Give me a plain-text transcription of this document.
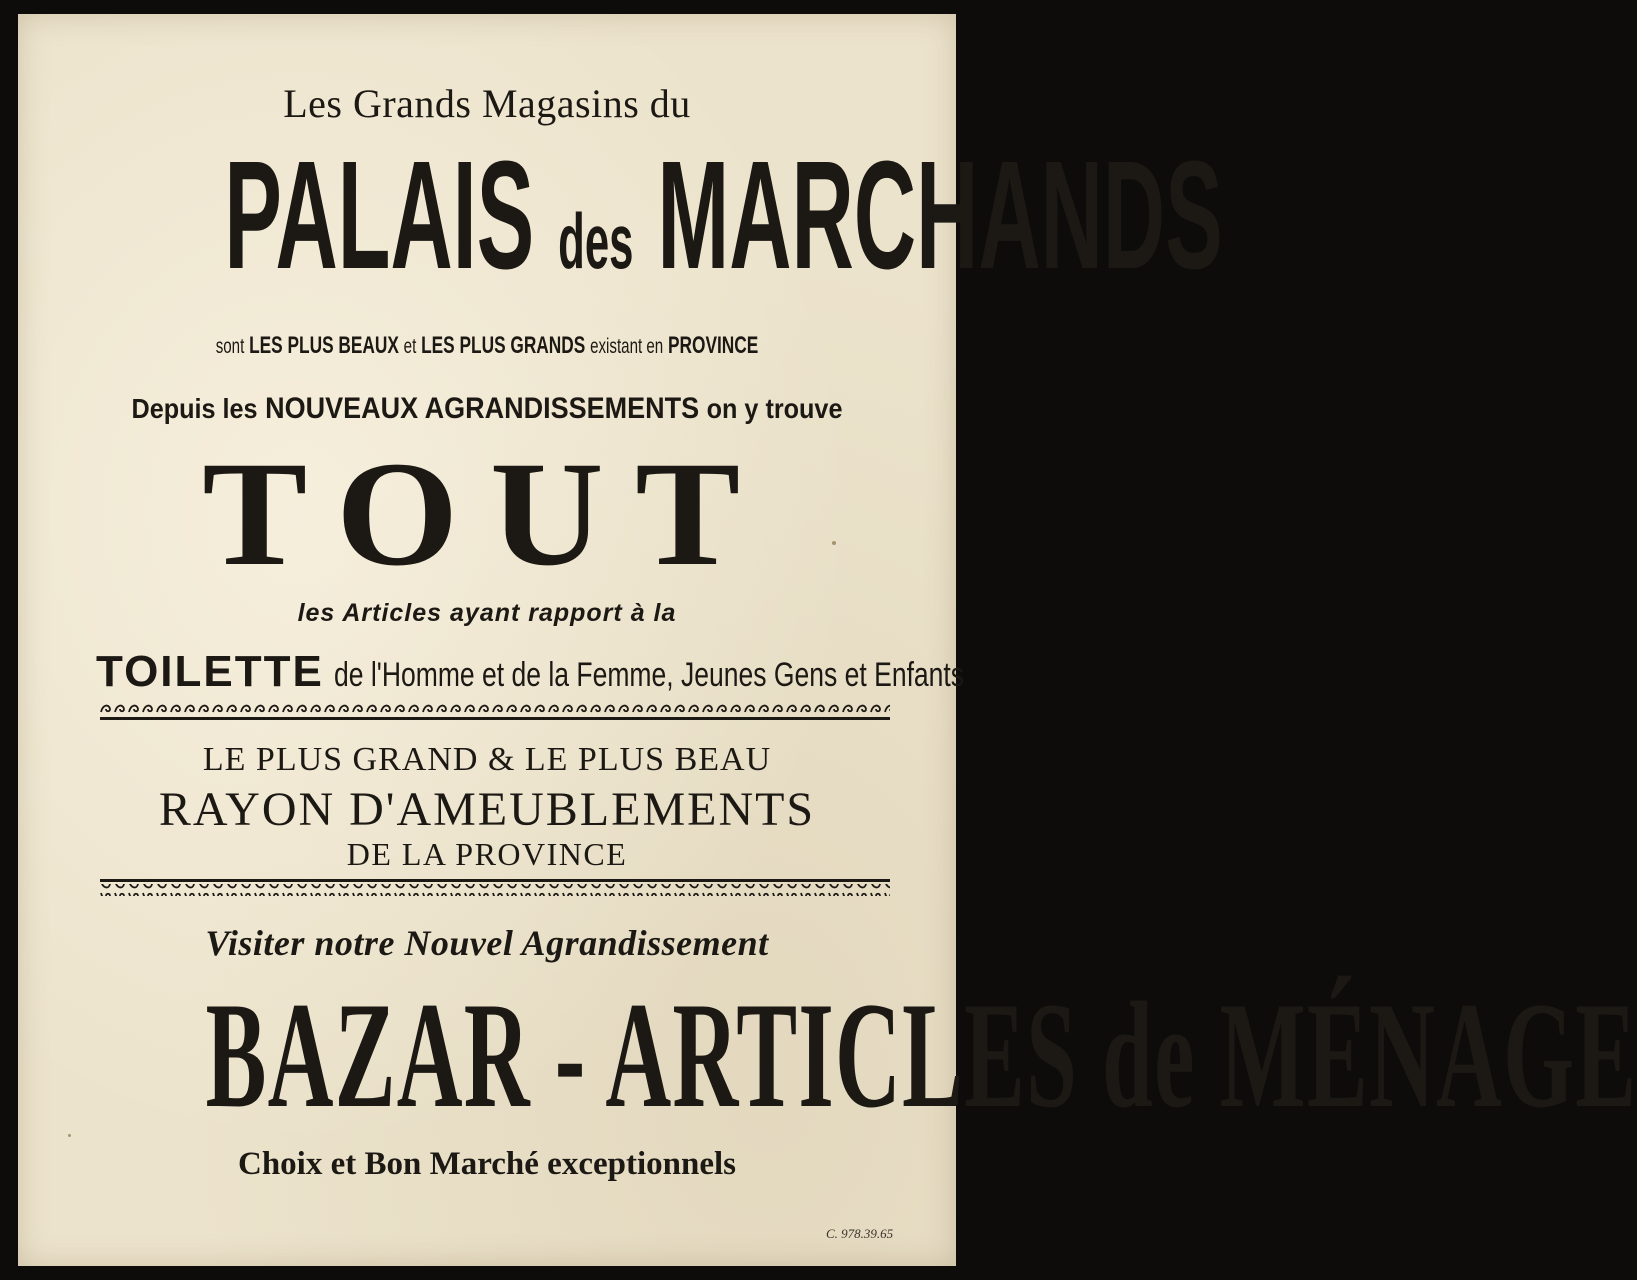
Les Grands Magasins du
PALAIS des MARCHANDS
sont LES PLUS BEAUX et LES PLUS GRANDS existant en PROVINCE
Depuis les NOUVEAUX AGRANDISSEMENTS on y trouve
TOUT
les Articles ayant rapport à la
TOILETTE de l'Homme et de la Femme, Jeunes Gens et Enfants
LE PLUS GRAND & LE PLUS BEAU
RAYON D'AMEUBLEMENTS
DE LA PROVINCE
Visiter notre Nouvel Agrandissement
BAZAR - ARTICLES de MÉNAGE
Choix et Bon Marché exceptionnels
C. 978.39.65
